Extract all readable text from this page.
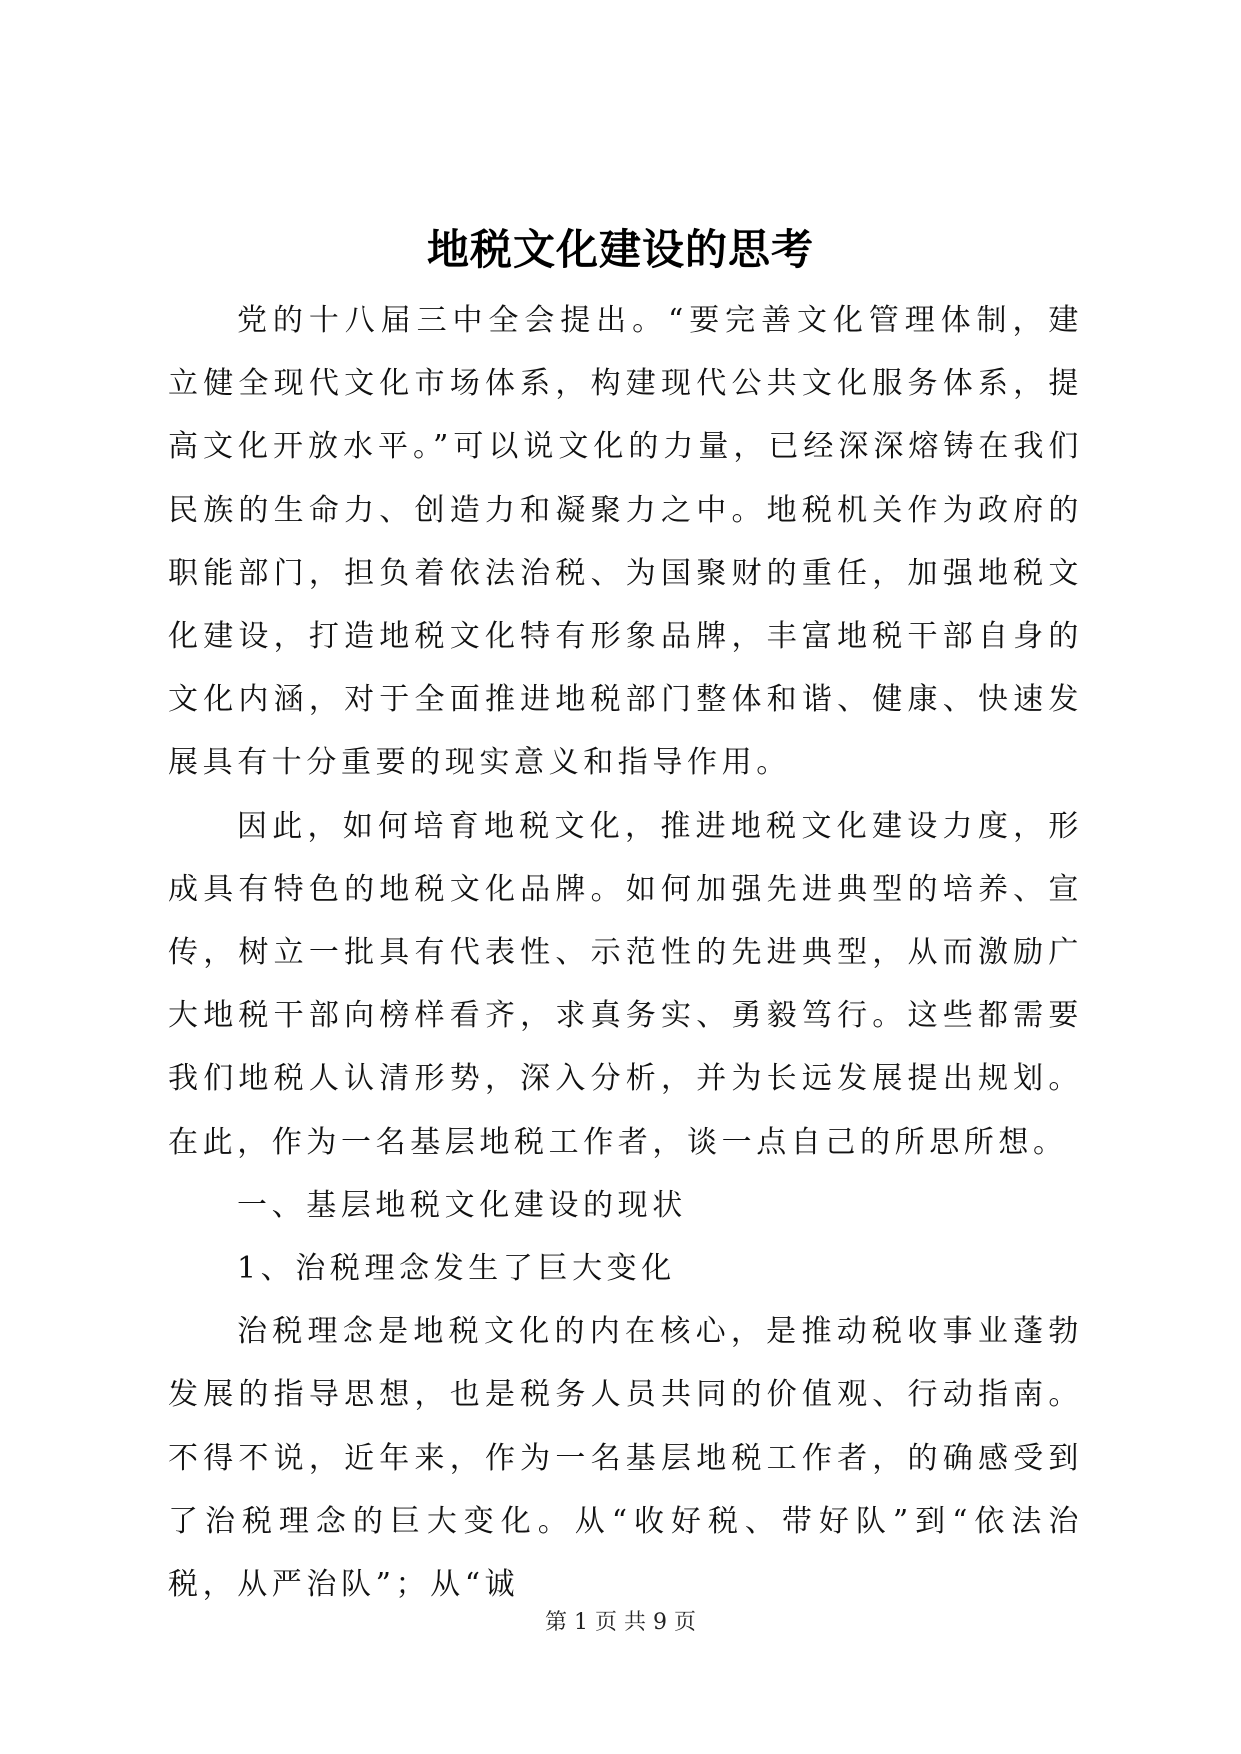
地税文化建设的思考

党的十八届三中全会提出。“要完善文化管理体制，建立健全现代文化市场体系，构建现代公共文化服务体系，提高文化开放水平。”可以说文化的力量，已经深深熔铸在我们民族的生命力、创造力和凝聚力之中。地税机关作为政府的职能部门，担负着依法治税、为国聚财的重任，加强地税文化建设，打造地税文化特有形象品牌，丰富地税干部自身的文化内涵，对于全面推进地税部门整体和谐、健康、快速发展具有十分重要的现实意义和指导作用。

因此，如何培育地税文化，推进地税文化建设力度，形成具有特色的地税文化品牌。如何加强先进典型的培养、宣传，树立一批具有代表性、示范性的先进典型，从而激励广大地税干部向榜样看齐，求真务实、勇毅笃行。这些都需要我们地税人认清形势，深入分析，并为长远发展提出规划。在此，作为一名基层地税工作者，谈一点自己的所思所想。

一、基层地税文化建设的现状

1、治税理念发生了巨大变化

治税理念是地税文化的内在核心，是推动税收事业蓬勃发展的指导思想，也是税务人员共同的价值观、行动指南。不得不说，近年来，作为一名基层地税工作者，的确感受到了治税理念的巨大变化。从“收好税、带好队”到“依法治税，从严治队”；从“诚

第 1 页 共 9 页
